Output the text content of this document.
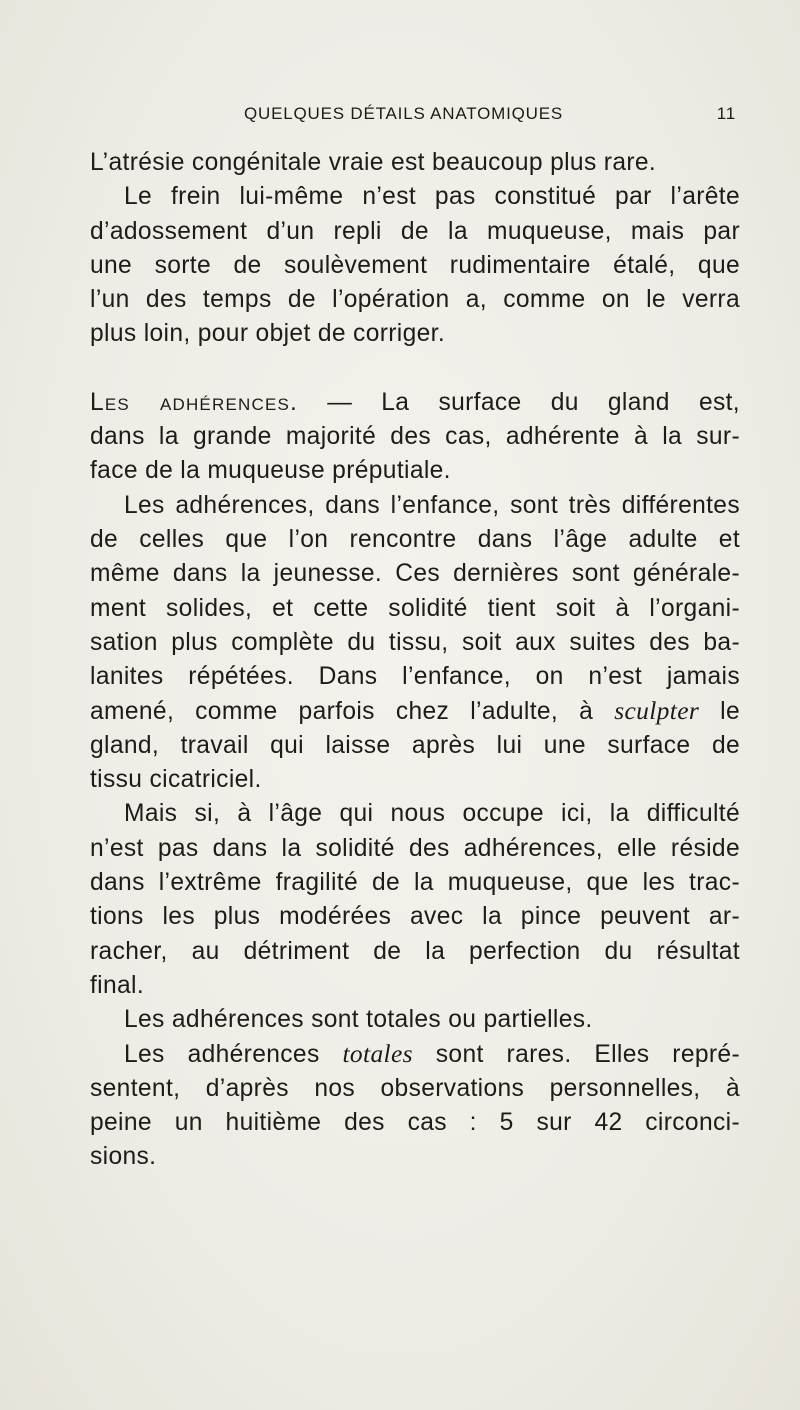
QUELQUES DÉTAILS ANATOMIQUES	11
L’atrésie congénitale vraie est beaucoup plus rare.
Le frein lui-même n’est pas constitué par l’arête
d’adossement d’un repli de la muqueuse, mais par
une sorte de soulèvement rudimentaire étalé, que
l’un des temps de l’opération a, comme on le verra
plus loin, pour objet de corriger.
Les adhérences. — La surface du gland est,
dans la grande majorité des cas, adhérente à la sur-
face de la muqueuse préputiale.
Les adhérences, dans l’enfance, sont très différentes
de celles que l’on rencontre dans l’âge adulte et
même dans la jeunesse. Ces dernières sont générale-
ment solides, et cette solidité tient soit à l’organi-
sation plus complète du tissu, soit aux suites des ba-
lanites répétées. Dans l’enfance, on n’est jamais
amené, comme parfois chez l’adulte, à sculpter le
gland, travail qui laisse après lui une surface de
tissu cicatriciel.
Mais si, à l’âge qui nous occupe ici, la difficulté
n’est pas dans la solidité des adhérences, elle réside
dans l’extrême fragilité de la muqueuse, que les trac-
tions les plus modérées avec la pince peuvent ar-
racher, au détriment de la perfection du résultat
final.
Les adhérences sont totales ou partielles.
Les adhérences totales sont rares. Elles repré-
sentent, d’après nos observations personnelles, à
peine un huitième des cas : 5 sur 42 circonci-
sions.
